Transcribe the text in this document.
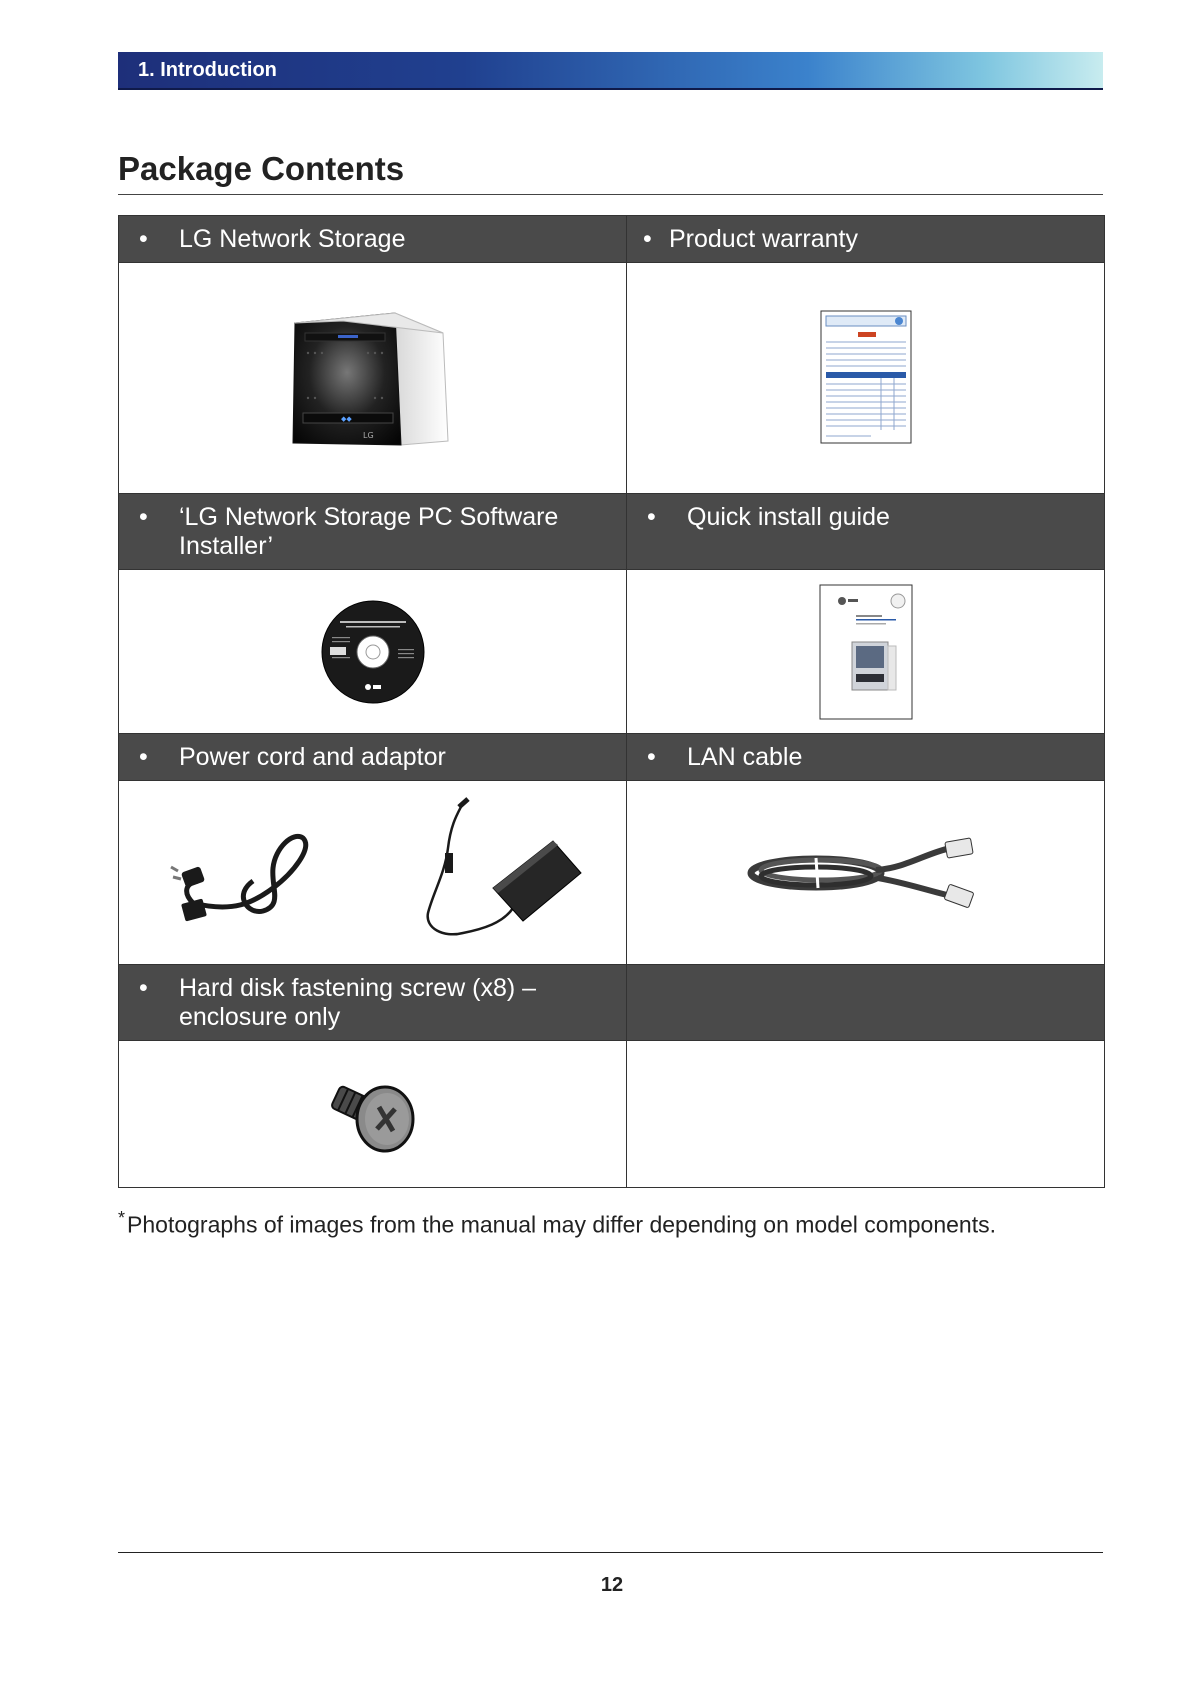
1. Introduction
Package Contents
• LG Network Storage	• Product warranty

◆◆
LG

• ‘LG Network Storage PC Software Installer’	• Quick install guide

• Power cord and adaptor	• LAN cable

• Hard disk fastening screw (x8) – enclosure only	

*Photographs of images from the manual may differ depending on model components.
12
